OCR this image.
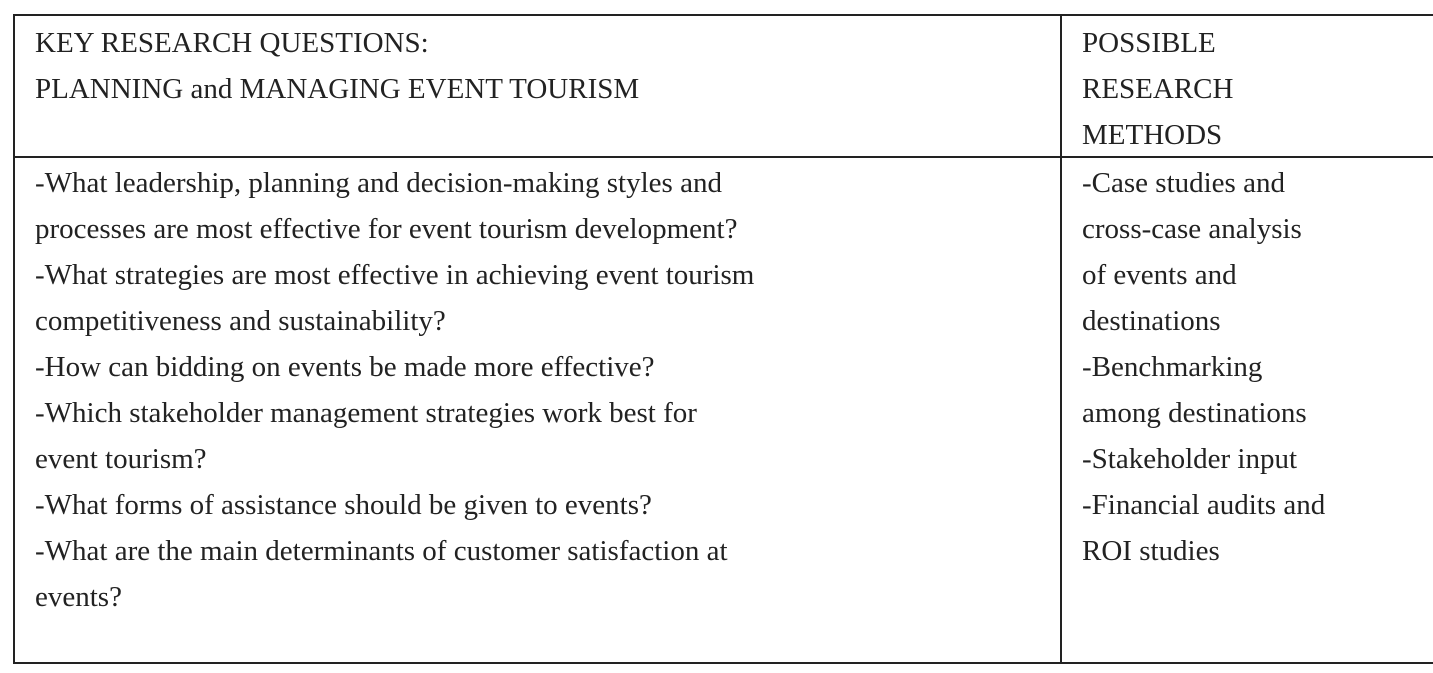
KEY RESEARCH QUESTIONS:
PLANNING and MANAGING EVENT TOURISM
POSSIBLE
RESEARCH
METHODS
-What leadership, planning and decision-making styles and
processes are most effective for event tourism development?
-What strategies are most effective in achieving event tourism
competitiveness and sustainability?
-How can bidding on events be made more effective?
-Which stakeholder management strategies work best for
event tourism?
-What forms of assistance should be given to events?
-What are the main determinants of customer satisfaction at
events?
-Case studies and
cross-case analysis
of events and
destinations
-Benchmarking
among destinations
-Stakeholder input
-Financial audits and
ROI studies
